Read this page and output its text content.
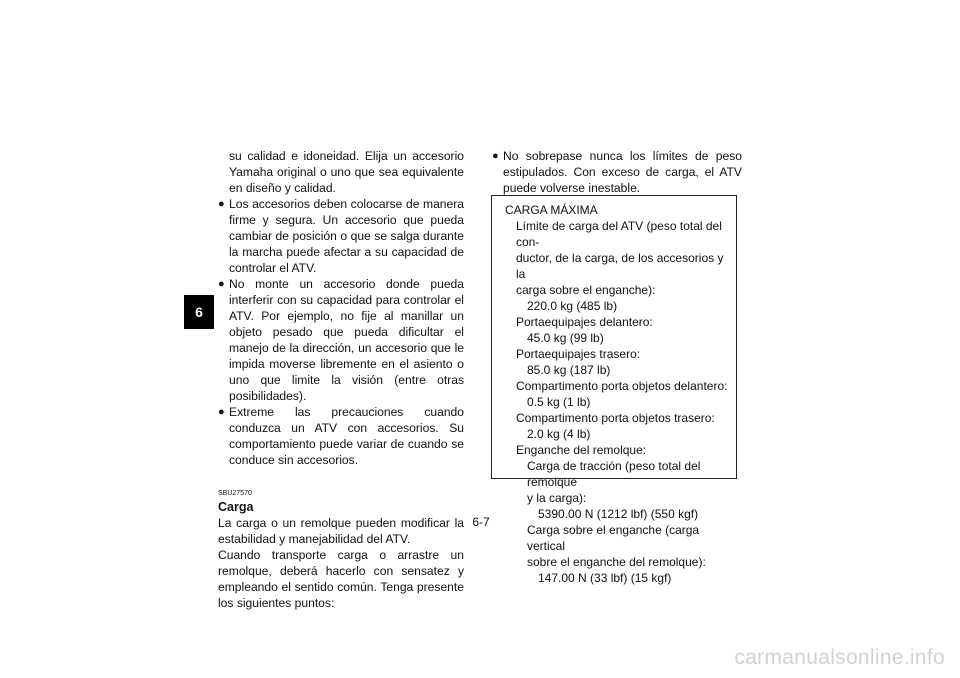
6

su calidad e idoneidad. Elija un accesorio Yamaha original o uno que sea equivalente en diseño y calidad.

● Los accesorios deben colocarse de manera firme y segura. Un accesorio que pueda cambiar de posición o que se salga durante la marcha puede afectar a su capacidad de controlar el ATV.

● No monte un accesorio donde pueda interferir con su capacidad para controlar el ATV. Por ejemplo, no fije al manillar un objeto pesado que pueda dificultar el manejo de la dirección, un accesorio que le impida moverse libremente en el asiento o uno que limite la visión (entre otras posibilidades).

● Extreme las precauciones cuando conduzca un ATV con accesorios. Su comportamiento puede variar de cuando se conduce sin accesorios.

SBU27570

Carga

La carga o un remolque pueden modificar la estabilidad y manejabilidad del ATV.

Cuando transporte carga o arrastre un remolque, deberá hacerlo con sensatez y empleando el sentido común. Tenga presente los siguientes puntos:

● No sobrepase nunca los límites de peso estipulados. Con exceso de carga, el ATV puede volverse inestable.

CARGA MÁXIMA

Límite de carga del ATV (peso total del con-

ductor, de la carga, de los accesorios y la

carga sobre el enganche):

220.0 kg (485 lb)

Portaequipajes delantero:

45.0 kg (99 lb)

Portaequipajes trasero:

85.0 kg (187 lb)

Compartimento porta objetos delantero:

0.5 kg (1 lb)

Compartimento porta objetos trasero:

2.0 kg (4 lb)

Enganche del remolque:

Carga de tracción (peso total del remolque

y la carga):

5390.00 N (1212 lbf) (550 kgf)

Carga sobre el enganche (carga vertical

sobre el enganche del remolque):

147.00 N (33 lbf) (15 kgf)

6-7
carmanualsonline.info
